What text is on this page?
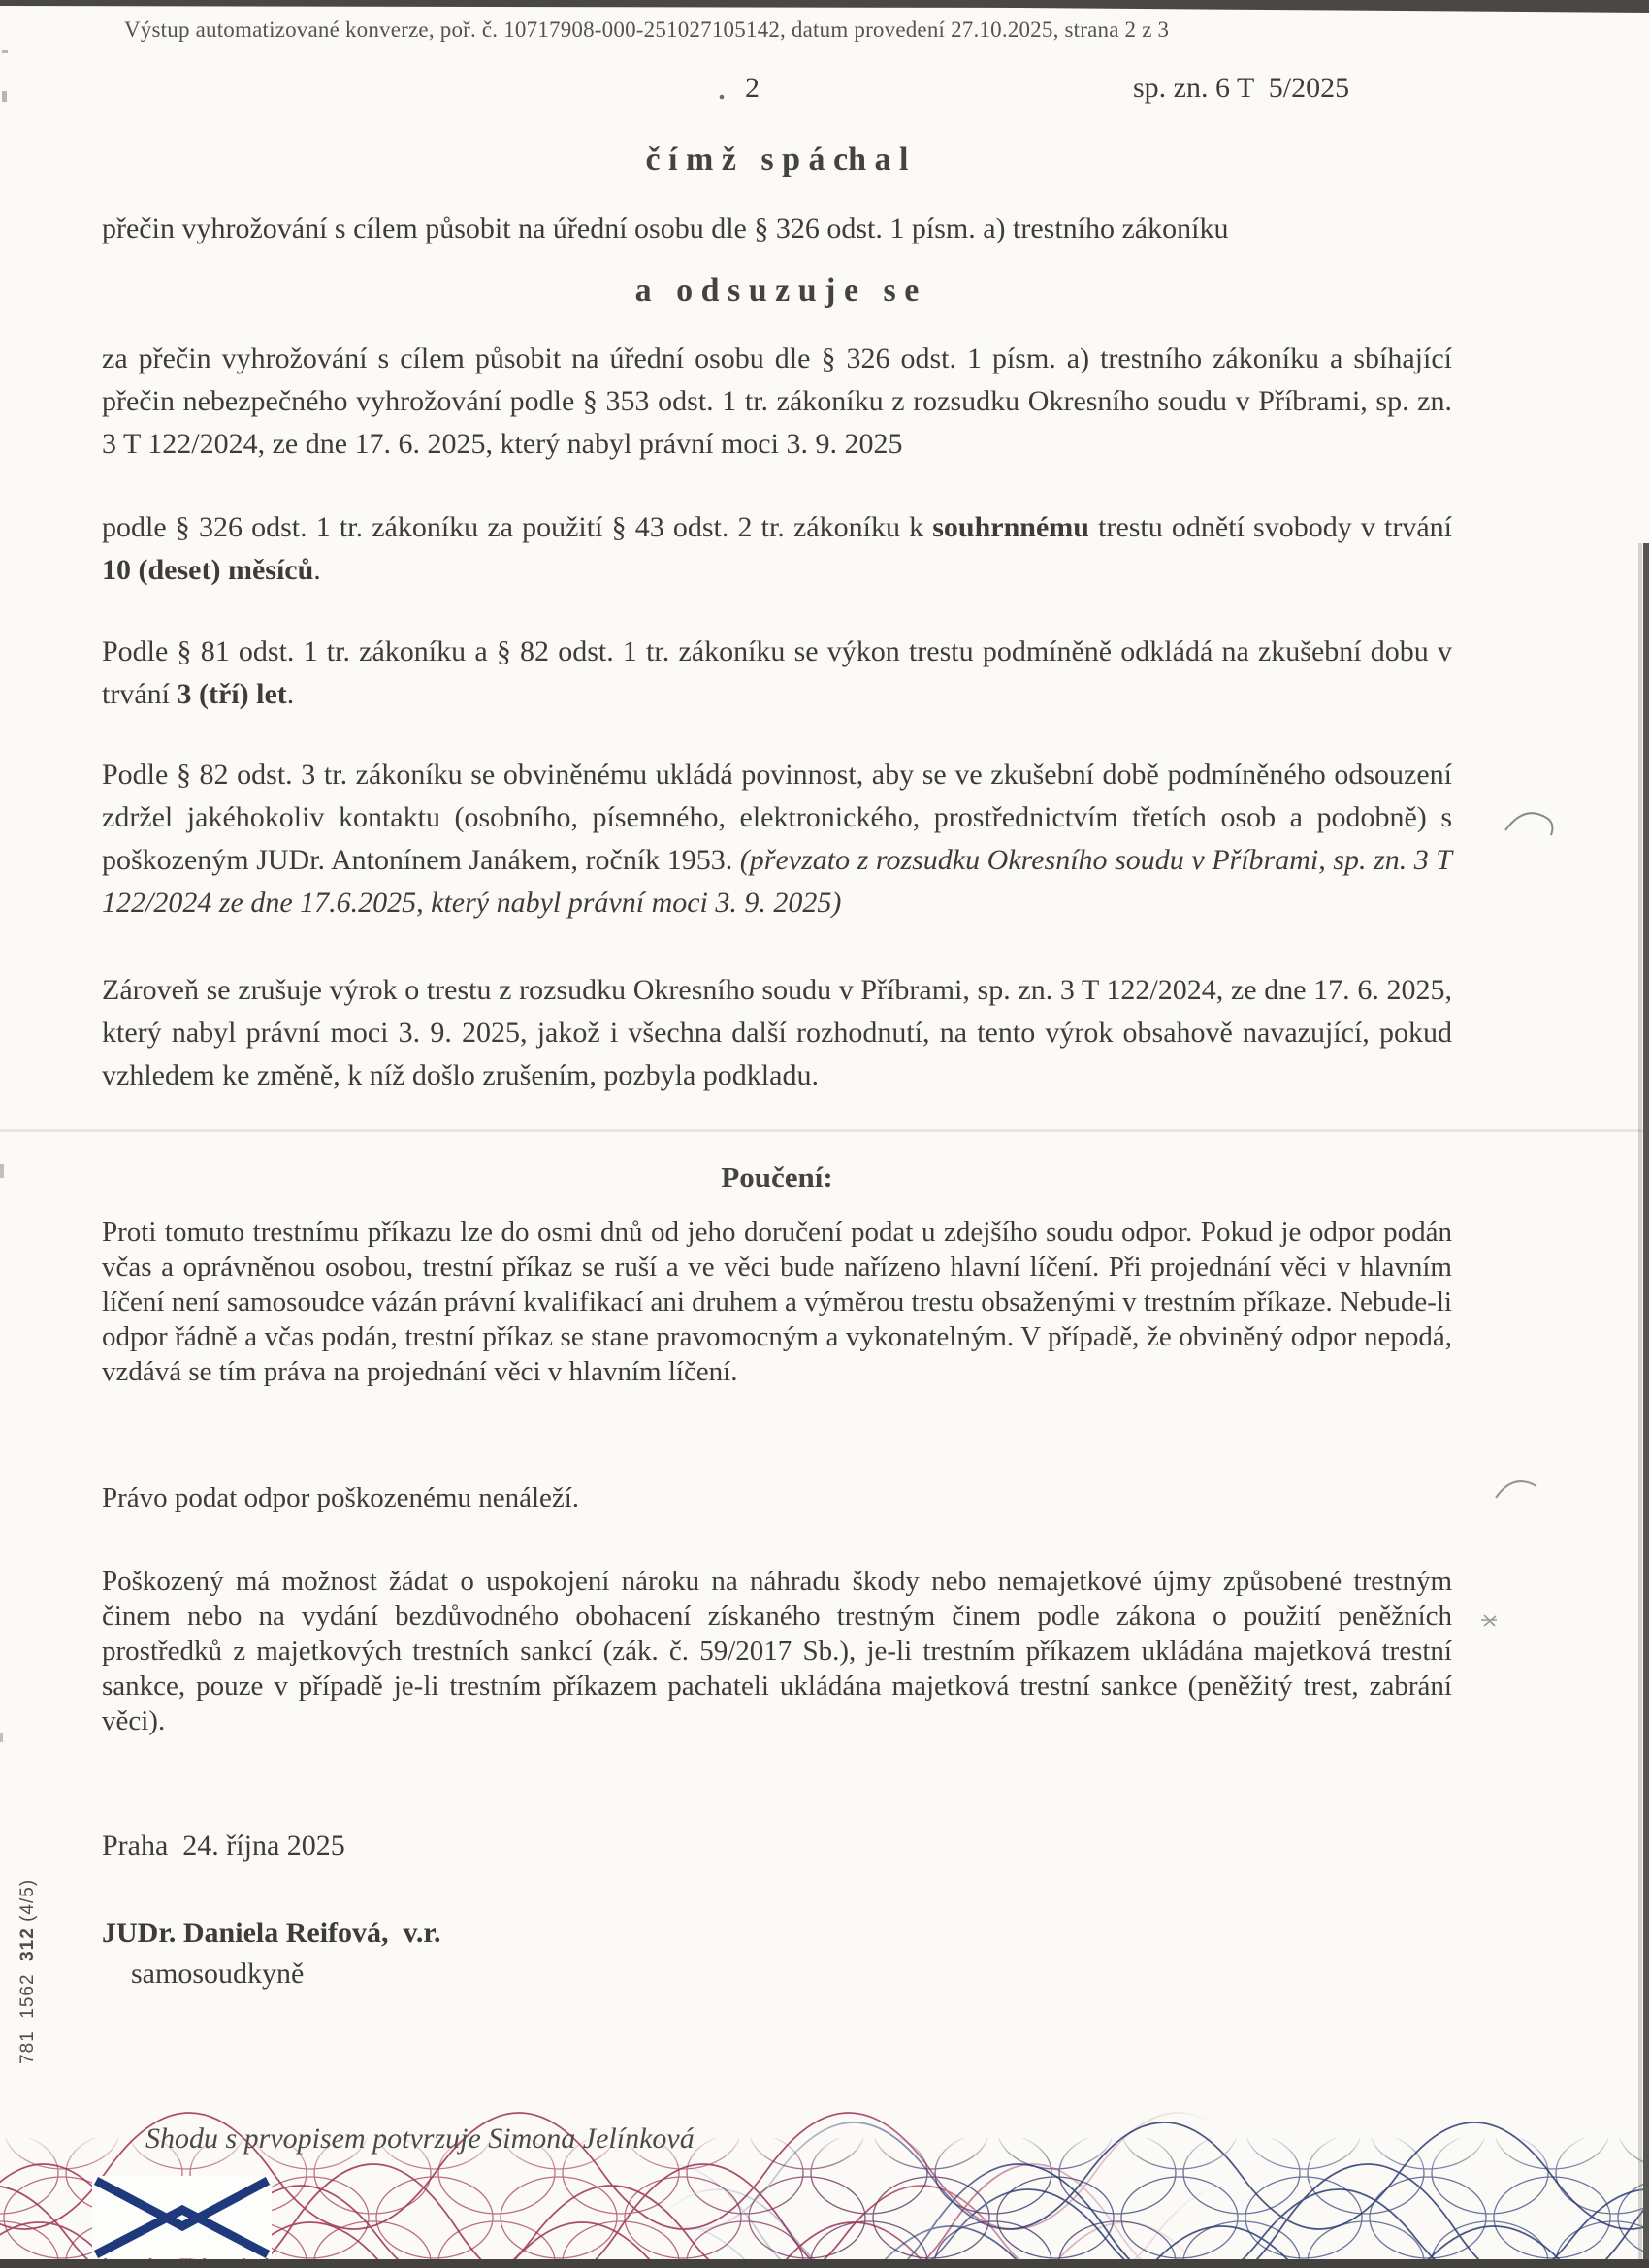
Výstup automatizované konverze, poř. č. 10717908-000-251027105142, datum provedení 27.10.2025, strana 2 z 3
2	sp. zn. 6 T  5/2025
č í m ž   s p á ch a l
přečin vyhrožování s cílem působit na úřední osobu dle § 326 odst. 1 písm. a) trestního zákoníku
a   o d s u z u j e   s e
za přečin vyhrožování s cílem působit na úřední osobu dle § 326 odst. 1 písm. a) trestního zákoníku a sbíhající přečin nebezpečného vyhrožování podle § 353 odst. 1 tr. zákoníku z rozsudku Okresního soudu v Příbrami, sp. zn. 3 T 122/2024, ze dne 17. 6. 2025, který nabyl právní moci 3. 9. 2025
podle § 326 odst. 1 tr. zákoníku za použití § 43 odst. 2 tr. zákoníku k souhrnnému trestu odnětí svobody v trvání 10 (deset) měsíců.
Podle § 81 odst. 1 tr. zákoníku a § 82 odst. 1 tr. zákoníku se výkon trestu podmíněně odkládá na zkušební dobu v trvání 3 (tří) let.
Podle § 82 odst. 3 tr. zákoníku se obviněnému ukládá povinnost, aby se ve zkušební době podmíněného odsouzení zdržel jakéhokoliv kontaktu (osobního, písemného, elektronického, prostřednictvím třetích osob a podobně) s poškozeným JUDr. Antonínem Janákem, ročník 1953. (převzato z rozsudku Okresního soudu v Příbrami, sp. zn. 3 T 122/2024 ze dne 17.6.2025, který nabyl právní moci 3. 9. 2025)
Zároveň se zrušuje výrok o trestu z rozsudku Okresního soudu v Příbrami, sp. zn. 3 T 122/2024, ze dne 17. 6. 2025, který nabyl právní moci 3. 9. 2025, jakož i všechna další rozhodnutí, na tento výrok obsahově navazující, pokud vzhledem ke změně, k níž došlo zrušením, pozbyla podkladu.
Poučení:
Proti tomuto trestnímu příkazu lze do osmi dnů od jeho doručení podat u zdejšího soudu odpor. Pokud je odpor podán včas a oprávněnou osobou, trestní příkaz se ruší a ve věci bude nařízeno hlavní líčení. Při projednání věci v hlavním líčení není samosoudce vázán právní kvalifikací ani druhem a výměrou trestu obsaženými v trestním příkaze. Nebude-li odpor řádně a včas podán, trestní příkaz se stane pravomocným a vykonatelným. V případě, že obviněný odpor nepodá, vzdává se tím práva na projednání věci v hlavním líčení.
Právo podat odpor poškozenému nenáleží.
Poškozený má možnost žádat o uspokojení nároku na náhradu škody nebo nemajetkové újmy způsobené trestným činem nebo na vydání bezdůvodného obohacení získaného trestným činem podle zákona o použití peněžních prostředků z majetkových trestních sankcí (zák. č. 59/2017 Sb.), je-li trestním příkazem ukládána majetková trestní sankce, pouze v případě je-li trestním příkazem pachateli ukládána majetková trestní sankce (peněžitý trest, zabrání věci).
Praha  24. října 2025
JUDr. Daniela Reifová,  v.r.
samosoudkyně
781  1562  312 (4/5)
Shodu s prvopisem potvrzuje Simona Jelínková
